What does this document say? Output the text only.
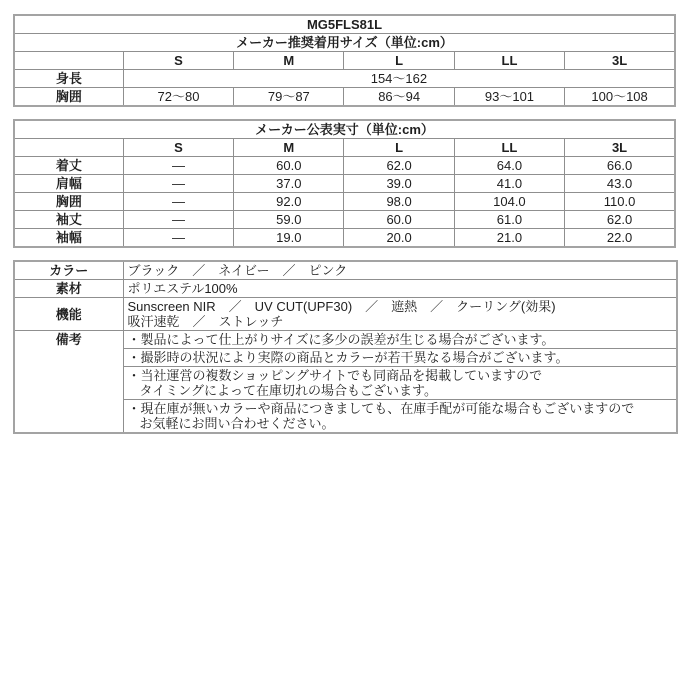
MG5FLS81L					
メーカー推奨着用サイズ（単位:cm）					
	S	M	L	LL	3L
身長	154～162				
胸囲	72～80	79～87	86～94	93～101	100～108
メーカー公表実寸（単位:cm）					
	S	M	L	LL	3L
着丈	―	60.0	62.0	64.0	66.0
肩幅	―	37.0	39.0	41.0	43.0
胸囲	―	92.0	98.0	104.0	110.0
袖丈	―	59.0	60.0	61.0	62.0
袖幅	―	19.0	20.0	21.0	22.0
カラー	ブラック　／　ネイビー　／　ピンク
素材	ポリエステル100%
機能	Sunscreen NIR　／　UV CUT(UPF30)　／　遮熱　／　クーリング(効果)
吸汗速乾　／　ストレッチ

備考	・製品によって仕上がりサイズに多少の誤差が生じる場合がございます。

	・撮影時の状況により実際の商品とカラーが若干異なる場合がございます。

	・当社運営の複数ショッピングサイトでも同商品を掲載していますので
タイミングによって在庫切れの場合もございます。

	・現在庫が無いカラーや商品につきましても、在庫手配が可能な場合もございますので
お気軽にお問い合わせください。
